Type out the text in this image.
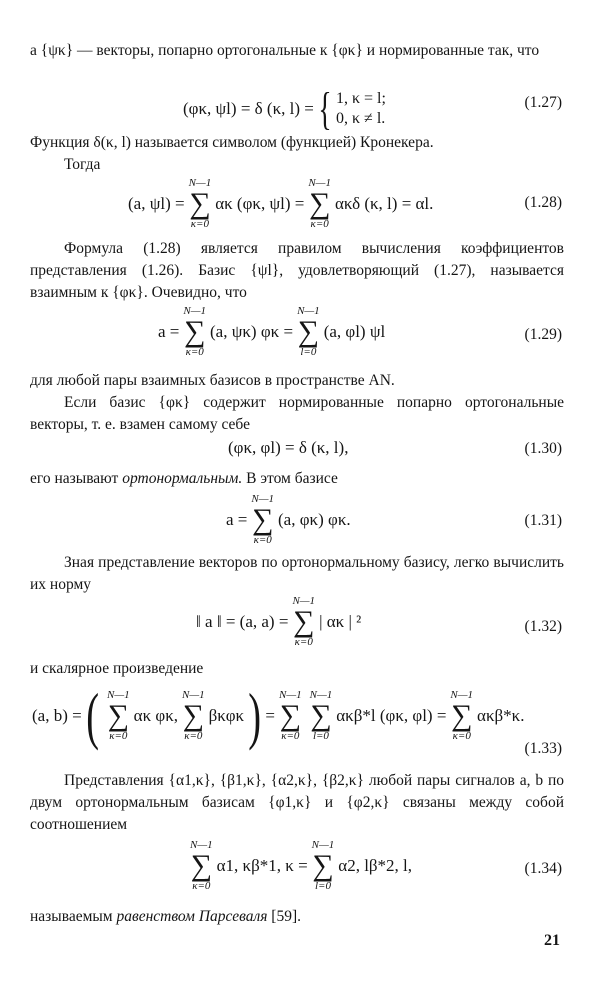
a {ψκ} — векторы, попарно ортогональные к {φκ} и нормированные так, что

(φκ, ψl) = δ (κ, l) = { 1, κ = l;
0, κ ≠ l.
(1.27)

Функция δ(κ, l) называется символом (функцией) Кронекера.

Тогда

(a, ψl) =
N—1
∑
κ=0
ακ (φκ, ψl) =
N—1
∑
κ=0
ακδ (κ, l) = αl.	(1.28)

Формула (1.28) является правилом вычисления коэффициентов представления (1.26). Базис {ψl}, удовлетворяющий (1.27), называется взаимным к {φκ}. Очевидно, что

a =
N—1
∑
κ=0
(a, ψκ) φκ =
N—1
∑
l=0
(a, φl) ψl	(1.29)

для любой пары взаимных базисов в пространстве AN.

Если базис {φκ} содержит нормированные попарно ортогональные векторы, т. е. взамен самому себе

(φκ, φl) = δ (κ, l),	(1.30)

его называют ортонормальным. В этом базисе

a =
N—1
∑
κ=0
(a, φκ) φκ.	(1.31)

Зная представление векторов по ортонормальному базису, легко вычислить их норму

‖ a ‖ = (a, a) =
N—1
∑
κ=0
| ακ | ²	(1.32)

и скалярное произведение

(a, b) = ( N—1
∑
κ=0
ακ φκ,
N—1
∑
κ=0
βκφκ ) =
N—1
∑
κ=0
N—1
∑
l=0
ακβ*l (φκ, φl) =
N—1
∑
κ=0
ακβ*κ.
(1.33)

Представления {α1,κ}, {β1,κ}, {α2,κ}, {β2,κ} любой пары сигналов a, b по двум ортонормальным базисам {φ1,κ} и {φ2,κ} связаны между собой соотношением

N—1
∑
κ=0
α1, κβ*1, κ =
N—1
∑
l=0
α2, lβ*2, l,	(1.34)

называемым равенством Парсеваля [59].

21
